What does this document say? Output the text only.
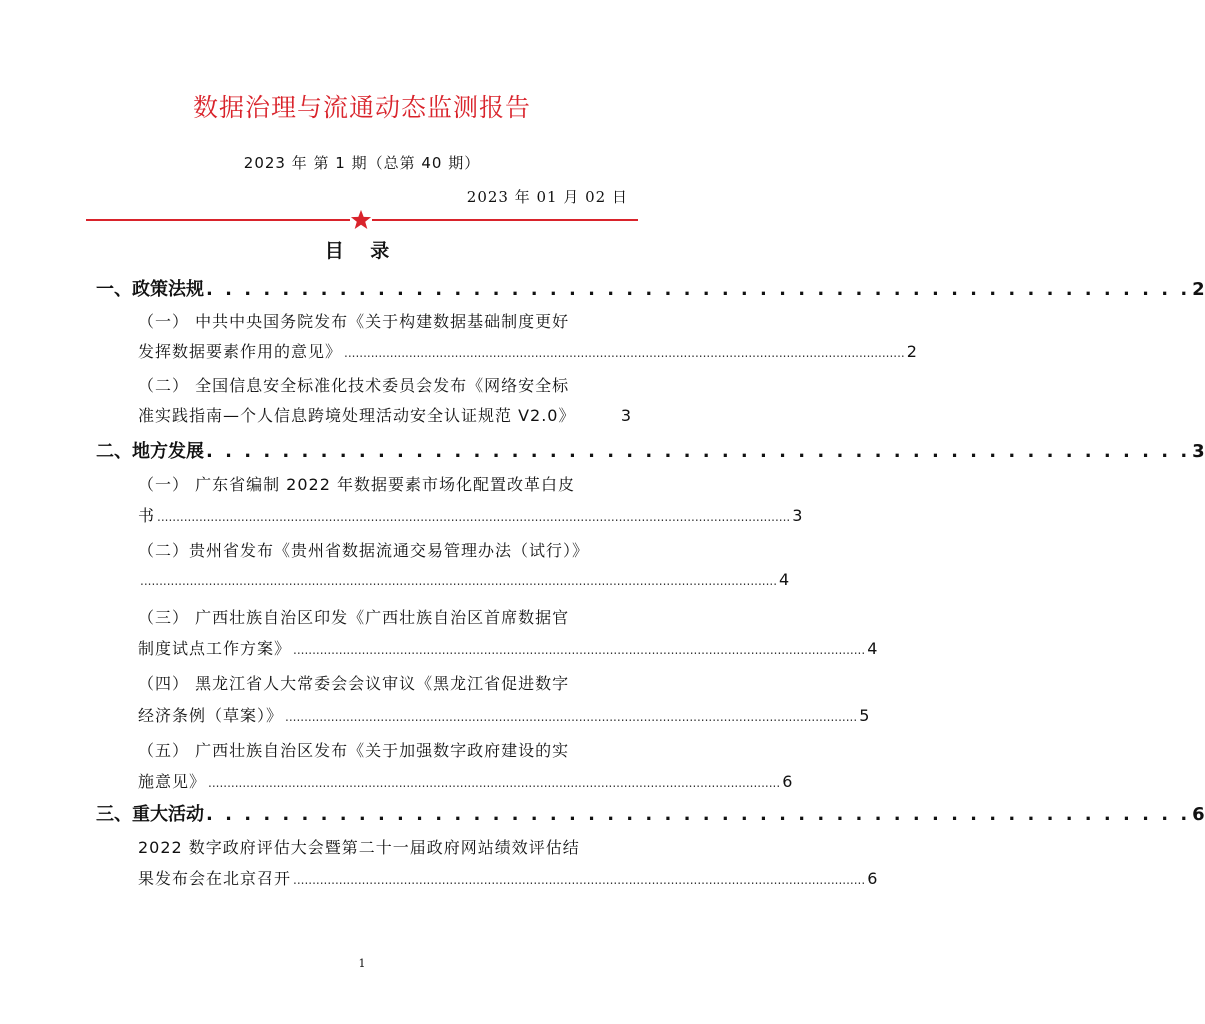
数据治理与流通动态监测报告
2023 年 第 1 期（总第 40 期）
2023 年 01 月 02 日
目 录
一、 政策法规 . . . . . . . . . . . . . . . . . . . . . . . . . . . . . . . . . . . . . . . . . . . . . . . . . . . . 2
（一） 中共中央国务院发布《关于构建数据基础制度更好
发挥数据要素作用的意见》 ................................................................................................................................................... 2
（二） 全国信息安全标准化技术委员会发布《网络安全标
准实践指南—个人信息跨境处理活动安全认证规范 V2.0》	3
二、 地方发展 . . . . . . . . . . . . . . . . . . . . . . . . . . . . . . . . . . . . . . . . . . . . . . . . . . . . 3
（一） 广东省编制 2022 年数据要素市场化配置改革白皮
书 ...................................................................................................................................................................... 3
（二）贵州省发布《贵州省数据流通交易管理办法（试行）》
....................................................................................................................................................................... 4
（三） 广西壮族自治区印发《广西壮族自治区首席数据官
制度试点工作方案》 ...................................................................................................................................................... 4
（四） 黑龙江省人大常委会会议审议《黑龙江省促进数字
经济条例（草案）》 ...................................................................................................................................................... 5
（五） 广西壮族自治区发布《关于加强数字政府建设的实
施意见》 ...................................................................................................................................................... 6
三、 重大活动 . . . . . . . . . . . . . . . . . . . . . . . . . . . . . . . . . . . . . . . . . . . . . . . . . . . . 6
2022 数字政府评估大会暨第二十一届政府网站绩效评估结
果发布会在北京召开 ...................................................................................................................................................... 6
1
